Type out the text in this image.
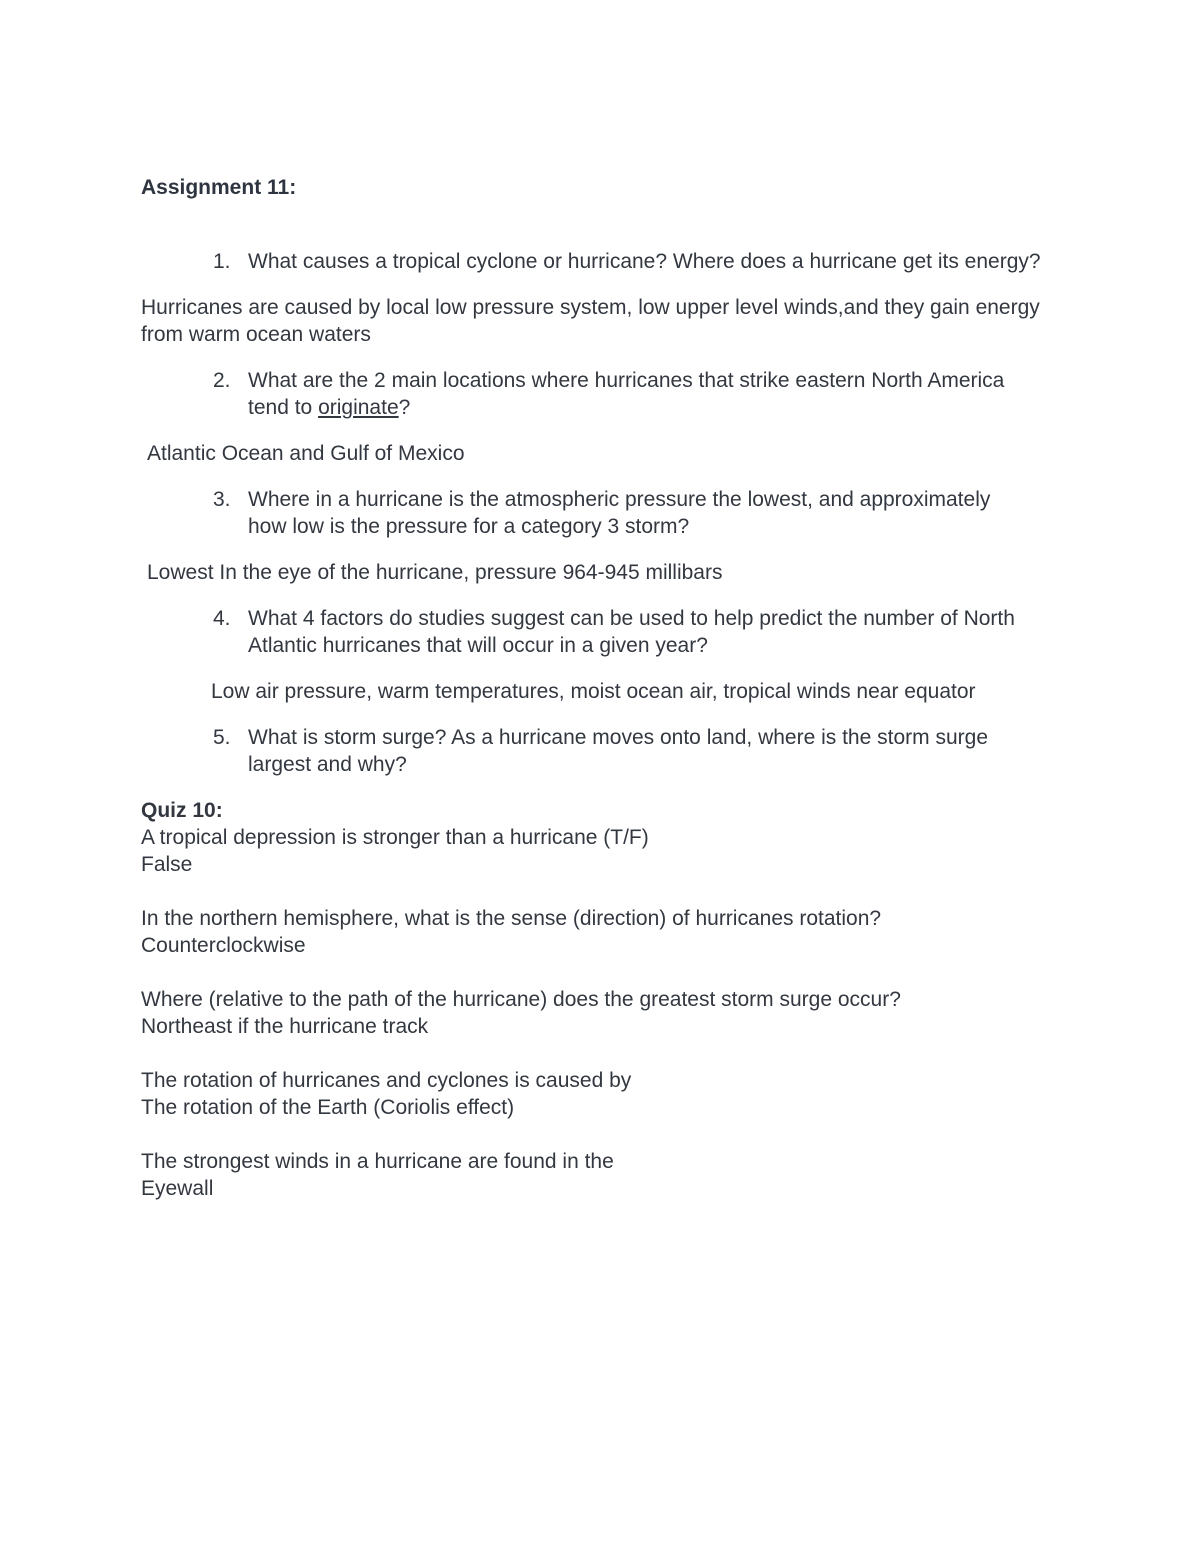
Assignment 11:

1. What causes a tropical cyclone or hurricane? Where does a hurricane get its energy?

Hurricanes are caused by local low pressure system, low upper level winds,and they gain energy from warm ocean waters

2. What are the 2 main locations where hurricanes that strike eastern North America tend to originate?

Atlantic Ocean and Gulf of Mexico

3. Where in a hurricane is the atmospheric pressure the lowest, and approximately how low is the pressure for a category 3 storm?

Lowest In the eye of the hurricane, pressure 964-945 millibars

4. What 4 factors do studies suggest can be used to help predict the number of North Atlantic hurricanes that will occur in a given year?

Low air pressure, warm temperatures, moist ocean air, tropical winds near equator

5. What is storm surge? As a hurricane moves onto land, where is the storm surge largest and why?

Quiz 10:

A tropical depression is stronger than a hurricane (T/F)

False

In the northern hemisphere, what is the sense (direction) of hurricanes rotation?

Counterclockwise

Where (relative to the path of the hurricane) does the greatest storm surge occur?

Northeast if the hurricane track

The rotation of hurricanes and cyclones is caused by

The rotation of the Earth (Coriolis effect)

The strongest winds in a hurricane are found in the

Eyewall
